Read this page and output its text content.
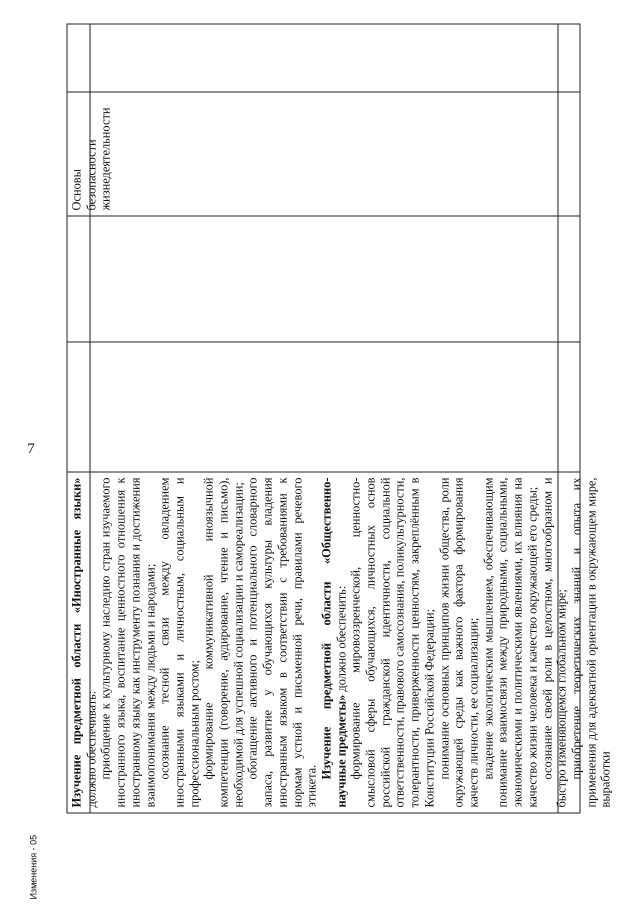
Изменения - 05
7

Изучение предметной области «Иностранные языки» должно обеспечивать: приобщение к культурному наследию стран изучаемого иностранного языка, воспитание ценностного отношения к иностранному языку как инструменту познания и достижения взаимопонимания между людьми и народами; осознание тесной связи между овладением иностранными языками и личностным, социальным и профессиональным ростом; формирование коммуникативной иноязычной компетенции (говорение, аудирование, чтение и письмо), необходимой для успешной социализации и самореализации; обогащение активного и потенциального словарного запаса, развитие у обучающихся культуры владения иностранным языком в соответствии с требованиями к нормам устной и письменной речи, правилами речевого этикета.

Изучение предметной области «Общественно-научные предметы» должно обеспечить: формирование мировоззренческой, ценностно-смысловой сферы обучающихся, личностных основ российской гражданской идентичности, социальной ответственности, правового самосознания, поликультурности, толерантности, приверженности ценностям, закреплённым в Конституции Российской Федерации; понимание основных принципов жизни общества, роли окружающей среды как важного фактора формирования качеств личности, ее социализации; владение экологическим мышлением, обеспечивающим понимание взаимосвязи между природными, социальными, экономическими и политическими явлениями, их влияния на качество жизни человека и качество окружающей его среды; осознание своей роли в целостном, многообразном и быстро изменяющемся глобальном мире; приобретение теоретических знаний и опыта их применения для адекватной ориентации в окружающем мире, выработки

Основы безопасности жизнедеятельности
